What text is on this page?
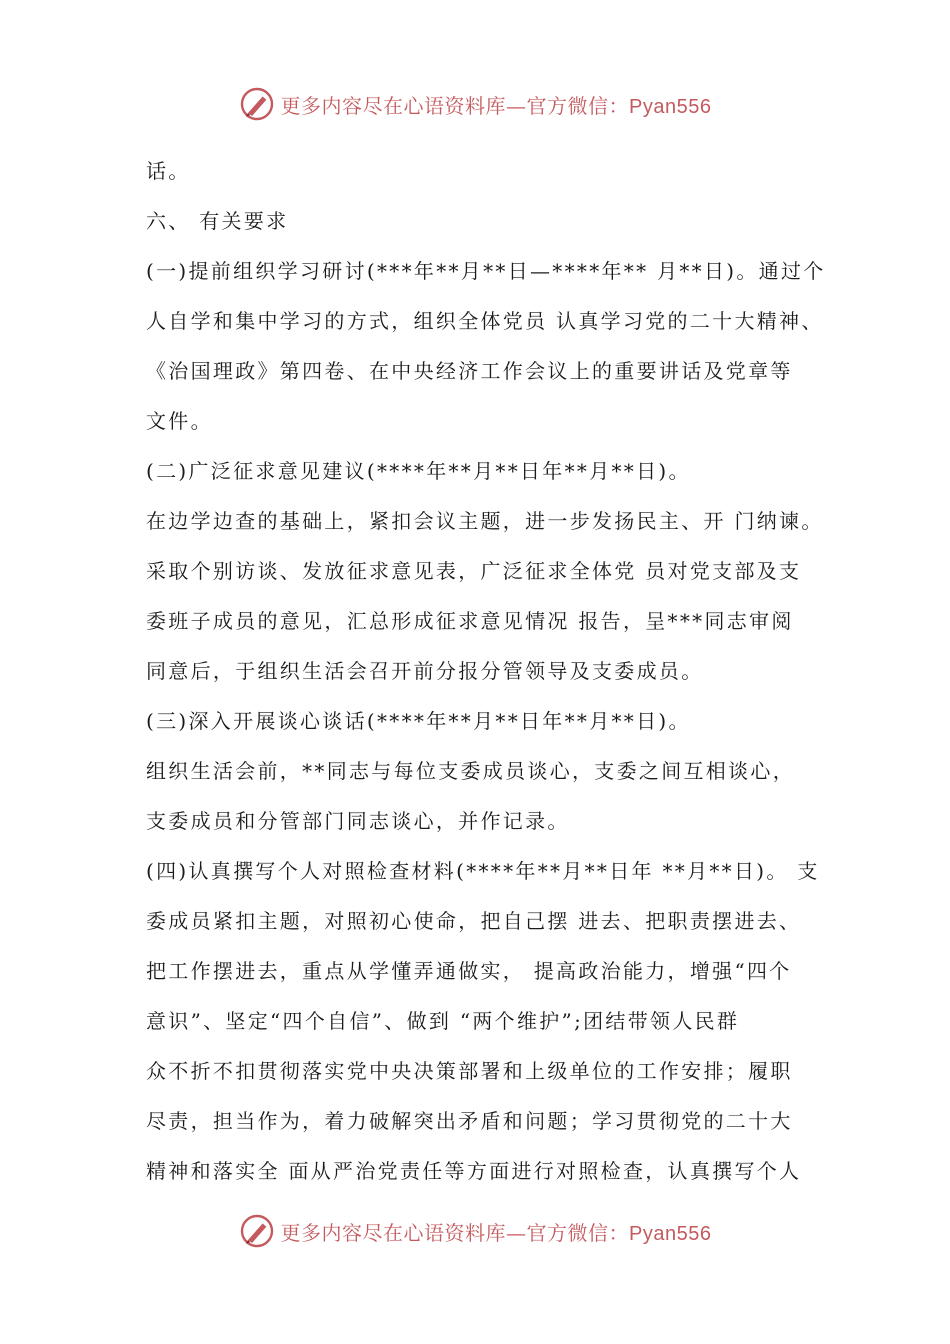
更多内容尽在心语资料库—官方微信：Pyan556
话。
六、 有关要求
(一)提前组织学习研讨(***年**月**日—****年** 月**日)。通过个
人自学和集中学习的方式，组织全体党员 认真学习党的二十大精神、
《治国理政》第四卷、在中央经济工作会议上的重要讲话及党章等
文件。
(二)广泛征求意见建议(****年**月**日年**月**日)。
在边学边查的基础上，紧扣会议主题，进一步发扬民主、开 门纳谏。
采取个别访谈、发放征求意见表，广泛征求全体党 员对党支部及支
委班子成员的意见，汇总形成征求意见情况 报告，呈***同志审阅
同意后，于组织生活会召开前分报分管领导及支委成员。
(三)深入开展谈心谈话(****年**月**日年**月**日)。
组织生活会前，**同志与每位支委成员谈心，支委之间互相谈心，
支委成员和分管部门同志谈心，并作记录。
(四)认真撰写个人对照检查材料(****年**月**日年 **月**日)。 支
委成员紧扣主题，对照初心使命，把自己摆 进去、把职责摆进去、
把工作摆进去，重点从学懂弄通做实， 提高政治能力，增强“四个
意识”、坚定“四个自信”、做到 “两个维护”;团结带领人民群
众不折不扣贯彻落实党中央决策部署和上级单位的工作安排；履职
尽责，担当作为，着力破解突出矛盾和问题；学习贯彻党的二十大
精神和落实全 面从严治党责任等方面进行对照检查，认真撰写个人
更多内容尽在心语资料库—官方微信：Pyan556
